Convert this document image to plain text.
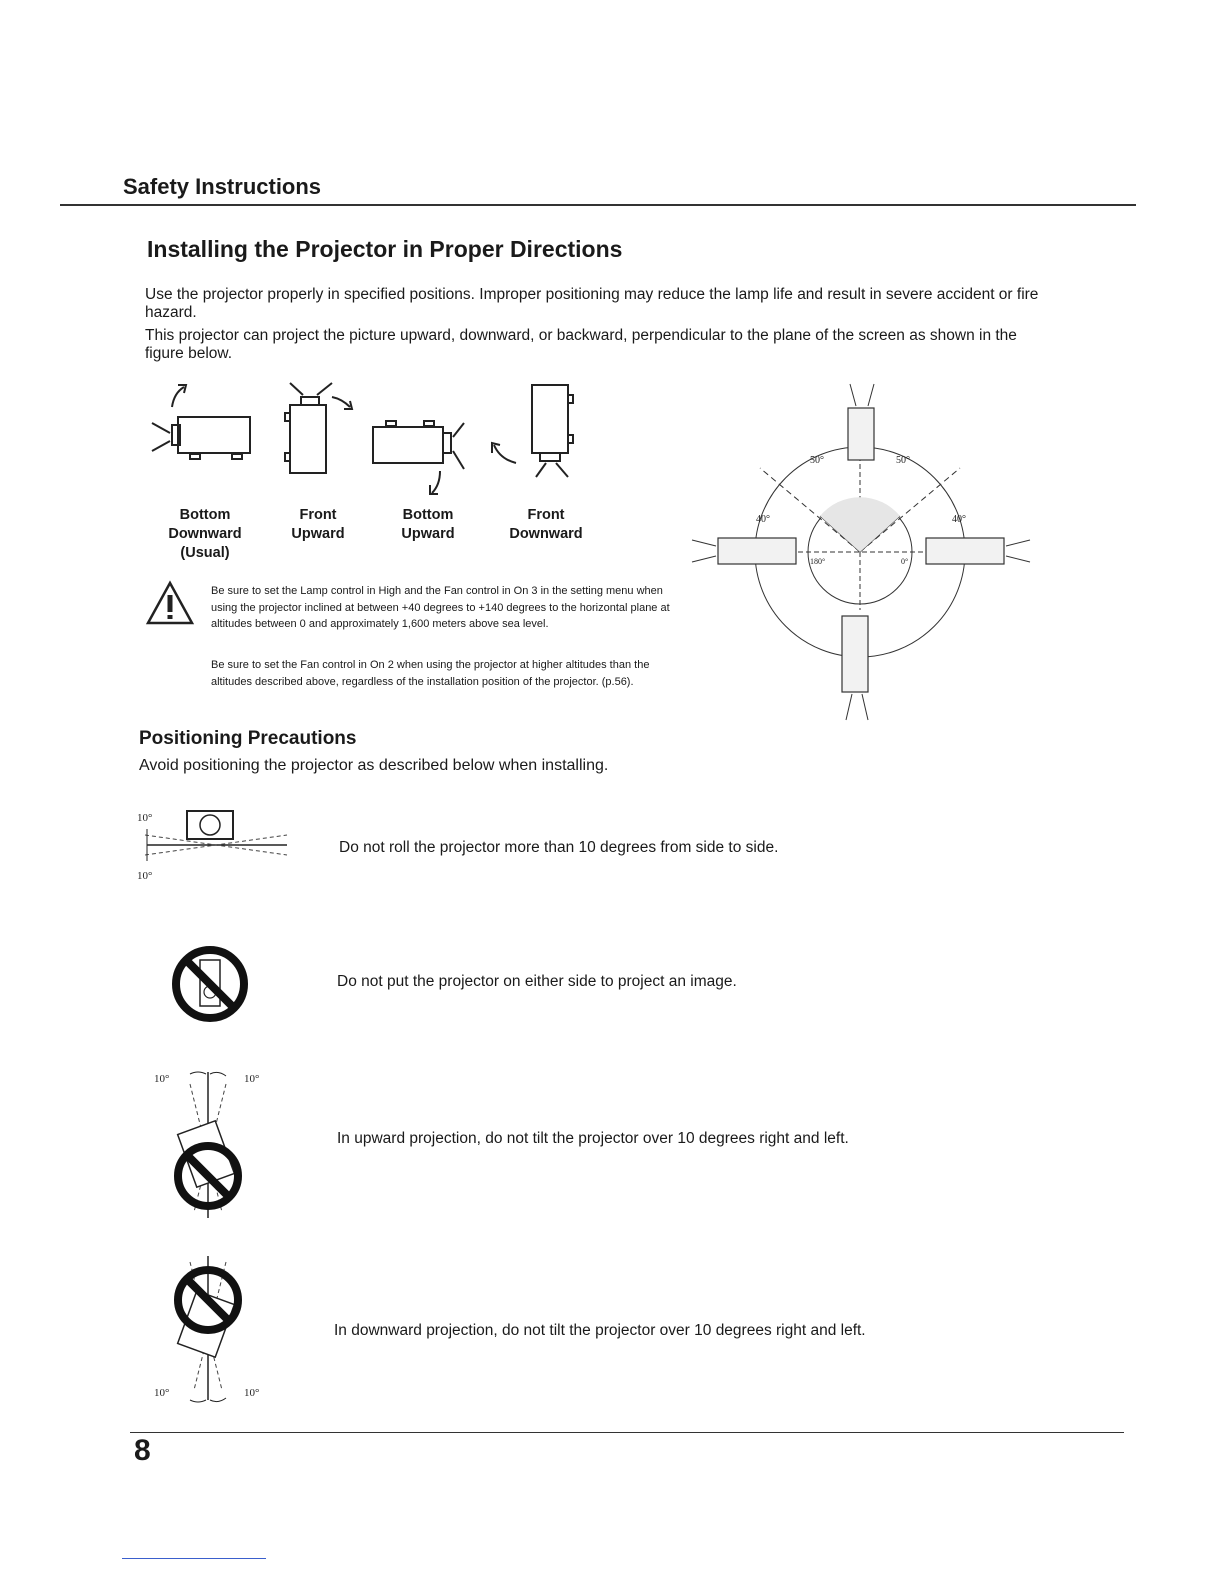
Safety Instructions
Installing the Projector in Proper Directions

Use the projector properly in specified positions. Improper positioning may reduce the lamp life and result in severe accident or fire hazard.

This projector can project the picture upward, downward, or backward, perpendicular to the plane of the screen as shown in the figure below.

Bottom
Downward
(Usual)
Front
Upward
Bottom
Upward
Front
Downward

Be sure to set the Lamp control in High and the Fan control in On 3 in the setting menu when using the projector inclined at between +40 degrees to +140 degrees to the horizontal plane at altitudes between 0 and approximately 1,600 meters above sea level.

Be sure to set the Fan control in On 2 when using the projector at higher altitudes than the altitudes described above, regardless of the installation position of the projector. (p.56).

50°	50°
40°	40°
180°	0°
Positioning Precautions

Avoid positioning the projector as described below when installing.

10°
10°

Do not roll the projector more than 10 degrees from side to side.

Do not put the projector on either side to project an image.

10°	10°

In upward projection, do not tilt the projector over 10 degrees right and left.

10°	10°

In downward projection, do not tilt the projector over 10 degrees right and left.

8
